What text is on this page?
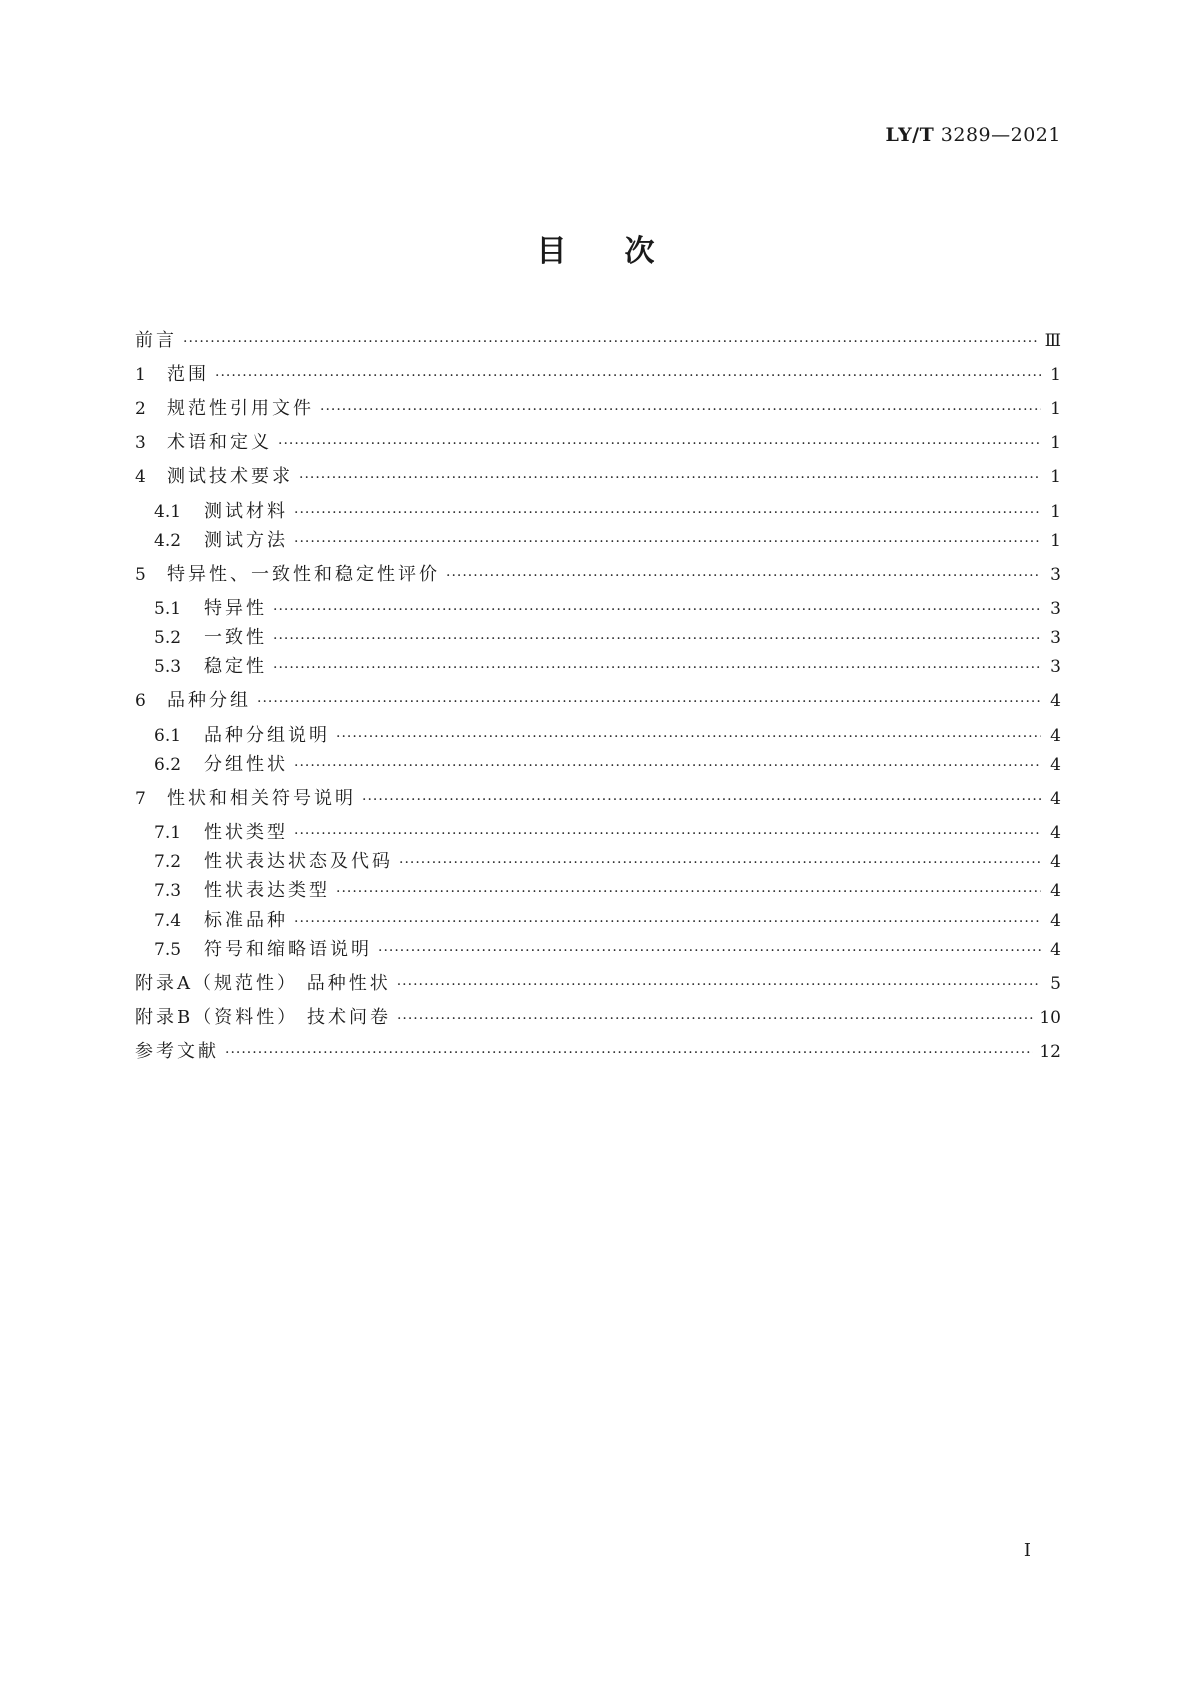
LY/T 3289—2021
目次
前言 ·····	Ⅲ
1	范围 ·····	1
2	规范性引用文件 ·····	1
3	术语和定义 ·····	1
4	测试技术要求 ·····	1
4.1	测试材料 ·····	1
4.2	测试方法 ·····	1
5	特异性、一致性和稳定性评价 ·····	3
5.1	特异性 ·····	3
5.2	一致性 ·····	3
5.3	稳定性 ·····	3
6	品种分组 ·····	4
6.1	品种分组说明 ·····	4
6.2	分组性状 ·····	4
7	性状和相关符号说明 ·····	4
7.1	性状类型 ·····	4
7.2	性状表达状态及代码 ·····	4
7.3	性状表达类型 ·····	4
7.4	标准品种 ·····	4
7.5	符号和缩略语说明 ·····	4
附录A（规范性） 品种性状 ·····	5
附录B（资料性） 技术问卷 ·····	10
参考文献 ·····	12
I
